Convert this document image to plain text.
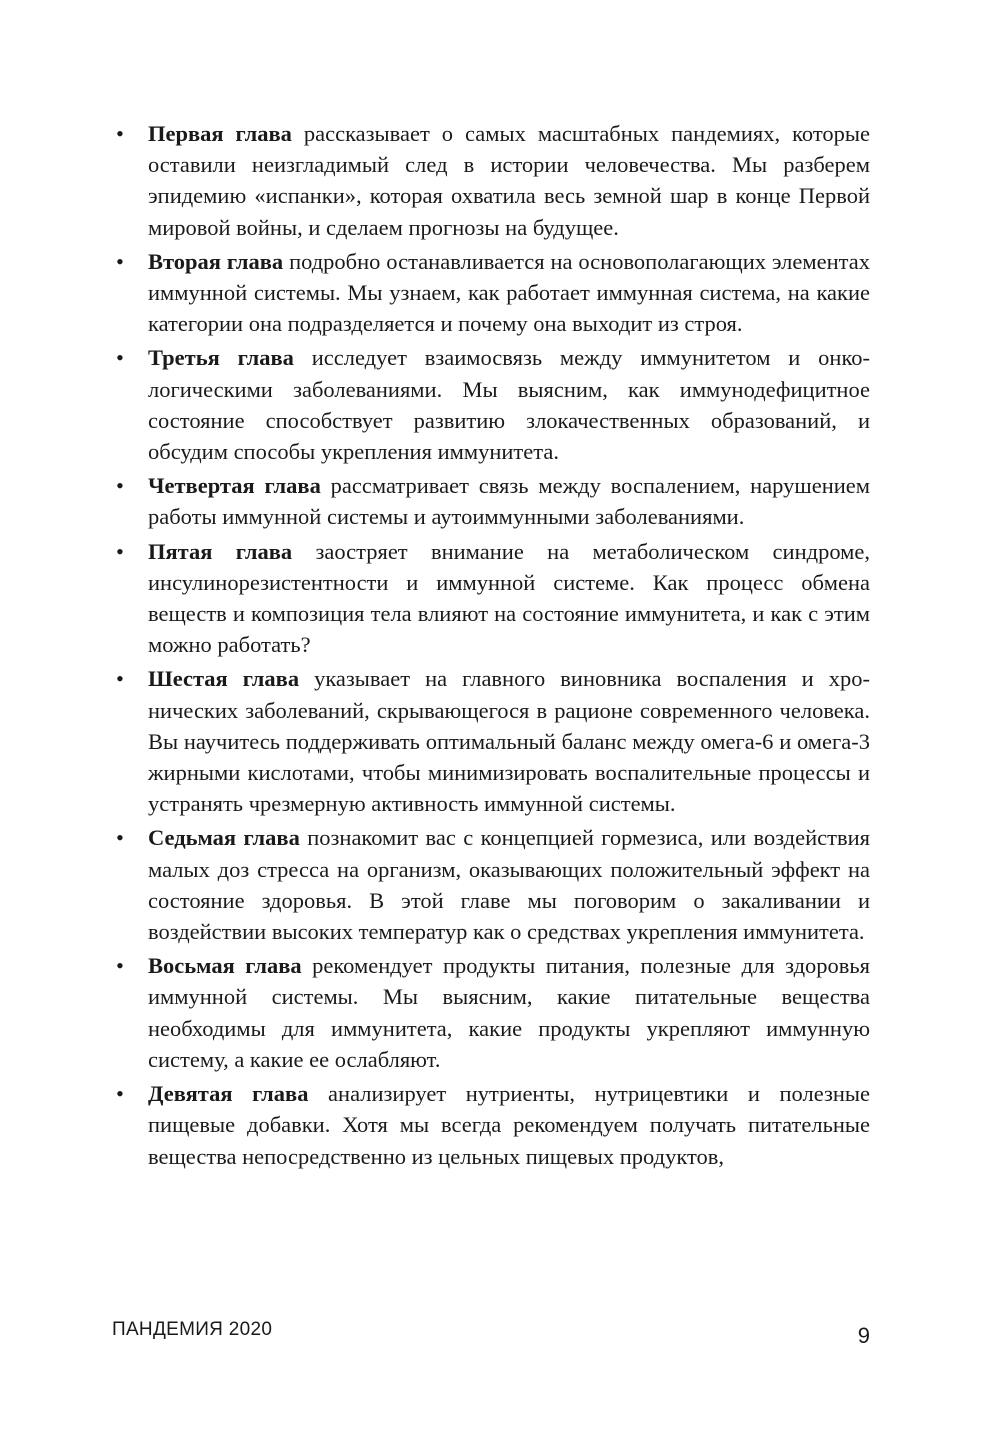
• Первая глава рассказывает о самых масштабных пандемиях, которые оставили неизгладимый след в истории человечества. Мы разберем эпидемию «испанки», которая охватила весь земной шар в конце Первой мировой войны, и сделаем прогнозы на будущее.
• Вторая глава подробно останавливается на основополагающих элементах иммунной системы. Мы узнаем, как работает иммунная система, на какие категории она подразделяется и почему она выходит из строя.
• Третья глава исследует взаимосвязь между иммунитетом и онкологическими заболеваниями. Мы выясним, как иммунодефицитное состояние способствует развитию злокачественных образований, и обсудим способы укрепления иммунитета.
• Четвертая глава рассматривает связь между воспалением, нарушением работы иммунной системы и аутоиммунными заболеваниями.
• Пятая глава заостряет внимание на метаболическом синдроме, инсулинорезистентности и иммунной системе. Как процесс обмена веществ и композиция тела влияют на состояние иммунитета, и как с этим можно работать?
• Шестая глава указывает на главного виновника воспаления и хронических заболеваний, скрывающегося в рационе современного человека. Вы научитесь поддерживать оптимальный баланс между омега-6 и омега-3 жирными кислотами, чтобы минимизировать воспалительные процессы и устранять чрезмерную активность иммунной системы.
• Седьмая глава познакомит вас с концепцией гормезиса, или воздействия малых доз стресса на организм, оказывающих положительный эффект на состояние здоровья. В этой главе мы поговорим о закаливании и воздействии высоких температур как о средствах укрепления иммунитета.
• Восьмая глава рекомендует продукты питания, полезные для здоровья иммунной системы. Мы выясним, какие питательные вещества необходимы для иммунитета, какие продукты укрепляют иммунную систему, а какие ее ослабляют.
• Девятая глава анализирует нутриенты, нутрицевтики и полезные пищевые добавки. Хотя мы всегда рекомендуем получать питательные вещества непосредственно из цельных пищевых продуктов,
ПАНДЕМИЯ 2020	9
